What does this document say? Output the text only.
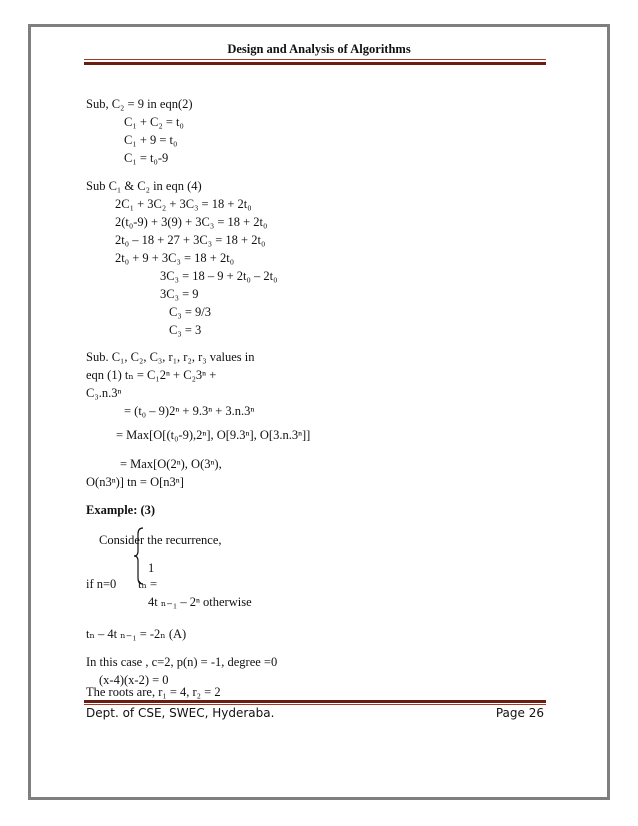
Design and Analysis of Algorithms
Sub, C₂ = 9 in eqn(2)
C₁ + C₂ = t₀
C₁ + 9 = t₀
C₁ = t₀-9
Sub C₁ & C₂ in eqn (4)
2C₁ + 3C₂ + 3C₃ = 18 + 2t₀
2(t₀-9) + 3(9) + 3C₃ = 18 + 2t₀
2t₀ – 18 + 27 + 3C₃ = 18 + 2t₀
2t₀ + 9 + 3C₃ = 18 + 2t₀
3C₃ = 18 – 9 + 2t₀ – 2t₀
3C₃ = 9
C₃ = 9/3
C₃ = 3
Sub. C₁, C₂, C₃, r₁, r₂, r₃ values in
eqn (1) tₙ = C₁2ⁿ + C₂3ⁿ +
C₃.n.3ⁿ
= (t₀ – 9)2ⁿ + 9.3ⁿ + 3.n.3ⁿ
= Max[O[(t₀-9),2ⁿ], O[9.3ⁿ], O[3.n.3ⁿ]]
= Max[O(2ⁿ), O(3ⁿ),
O(n3ⁿ)] tn = O[n3ⁿ]
Example: (3)
Consider the recurrence,
1
if n=0 tₙ =
4t ₙ₋₁ – 2ⁿ otherwise
tₙ – 4t ₙ₋₁ = -2ₙ (A)
In this case , c=2, p(n) = -1, degree =0
(x-4)(x-2) = 0
The roots are, r₁ = 4, r₂ = 2
Dept. of CSE, SWEC, Hyderaba.	Page 26
